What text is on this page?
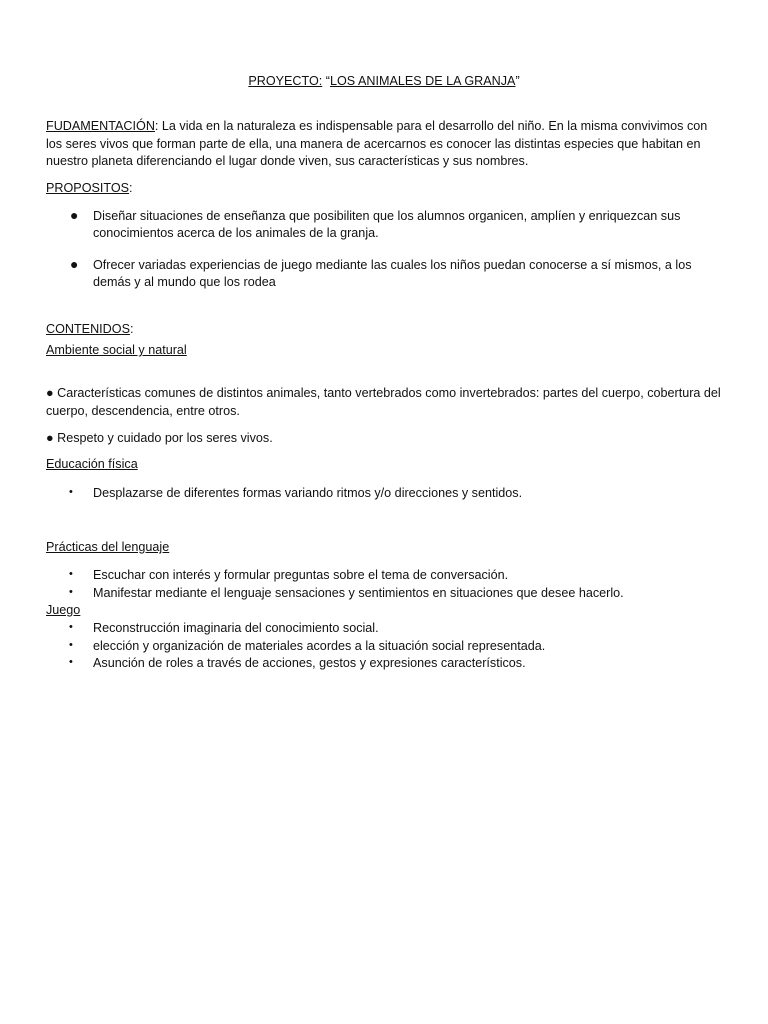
PROYECTO: “LOS ANIMALES DE LA GRANJA”
FUDAMENTACIÓN: La vida en la naturaleza es indispensable para el desarrollo del niño. En la misma convivimos con los seres vivos que forman parte de ella, una manera de acercarnos es conocer las distintas especies que habitan en nuestro planeta diferenciando el lugar donde viven, sus características y sus nombres.
PROPOSITOS:
● Diseñar situaciones de enseñanza que posibiliten que los alumnos organicen, amplíen y enriquezcan sus conocimientos acerca de los animales de la granja.
● Ofrecer variadas experiencias de juego mediante las cuales los niños puedan conocerse a sí mismos, a los demás y al mundo que los rodea
CONTENIDOS:
Ambiente social y natural
● Características comunes de distintos animales, tanto vertebrados como invertebrados: partes del cuerpo, cobertura del cuerpo, descendencia, entre otros.
● Respeto y cuidado por los seres vivos.
Educación física
• Desplazarse de diferentes formas variando ritmos y/o direcciones y sentidos.
Prácticas del lenguaje
• Escuchar con interés y formular preguntas sobre el tema de conversación.
• Manifestar mediante el lenguaje sensaciones y sentimientos en situaciones que desee hacerlo.
Juego
• Reconstrucción imaginaria del conocimiento social.
• elección y organización de materiales acordes a la situación social representada.
• Asunción de roles a través de acciones, gestos y expresiones característicos.
